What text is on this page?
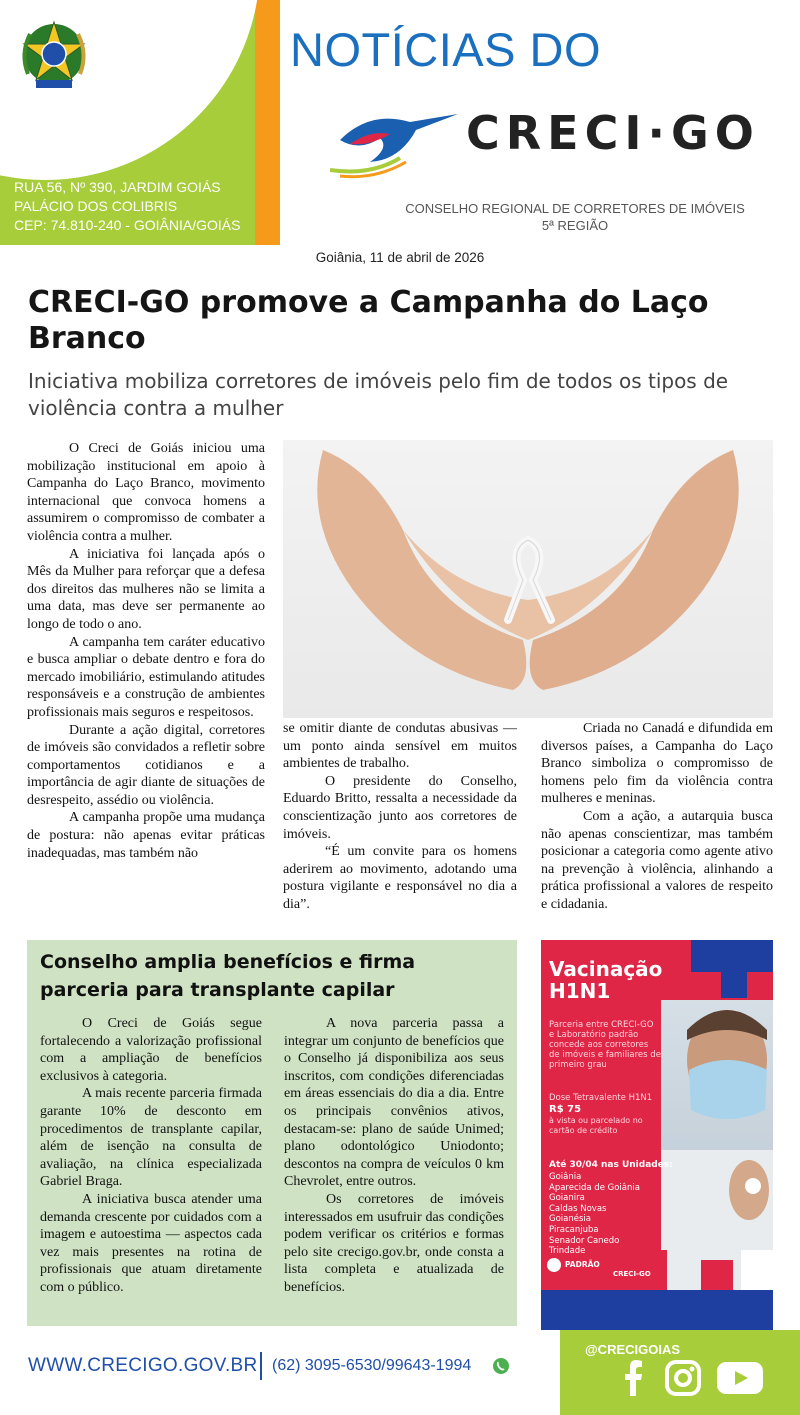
RUA 56, Nº 390, JARDIM GOIÁS
PALÁCIO DOS COLIBRIS
CEP: 74.810-240 - GOIÂNIA/GOIÁS
NOTÍCIAS DO
CRECI·GO
CONSELHO REGIONAL DE CORRETORES DE IMÓVEIS
5ª REGIÃO
Goiânia, 11 de abril de 2026
CRECI-GO promove a Campanha do Laço Branco
Iniciativa mobiliza corretores de imóveis pelo fim de todos os tipos de violência contra a mulher

O Creci de Goiás iniciou uma mobilização institucional em apoio à Campanha do Laço Branco, movimento internacional que convoca homens a assumirem o compromisso de combater a violência contra a mulher.

A iniciativa foi lançada após o Mês da Mulher para reforçar que a defesa dos direitos das mulheres não se limita a uma data, mas deve ser permanente ao longo de todo o ano.

A campanha tem caráter educativo e busca ampliar o debate dentro e fora do mercado imobiliário, estimulando atitudes responsáveis e a construção de ambientes profissionais mais seguros e respeitosos.

Durante a ação digital, corretores de imóveis são convidados a refletir sobre comportamentos cotidianos e a importância de agir diante de situações de desrespeito, assédio ou violência.

A campanha propõe uma mudança de postura: não apenas evitar práticas inadequadas, mas também não

se omitir diante de condutas abusivas — um ponto ainda sensível em muitos ambientes de trabalho.

O presidente do Conselho, Eduardo Britto, ressalta a necessidade da conscientização junto aos corretores de imóveis.

“É um convite para os homens aderirem ao movimento, adotando uma postura vigilante e responsável no dia a dia”.

Criada no Canadá e difundida em diversos países, a Campanha do Laço Branco simboliza o compromisso de homens pelo fim da violência contra mulheres e meninas.

Com a ação, a autarquia busca não apenas conscientizar, mas também posicionar a categoria como agente ativo na prevenção à violência, alinhando a prática profissional a valores de respeito e cidadania.

Conselho amplia benefícios e firma parceria para transplante capilar

O Creci de Goiás segue fortalecendo a valorização profissional com a ampliação de benefícios exclusivos à categoria.

A mais recente parceria firmada garante 10% de desconto em procedimentos de transplante capilar, além de isenção na consulta de avaliação, na clínica especializada Gabriel Braga.

A iniciativa busca atender uma demanda crescente por cuidados com a imagem e autoestima — aspectos cada vez mais presentes na rotina de profissionais que atuam diretamente com o público.

A nova parceria passa a integrar um conjunto de benefícios que o Conselho já disponibiliza aos seus inscritos, com condições diferenciadas em áreas essenciais do dia a dia. Entre os principais convênios ativos, destacam-se: plano de saúde Unimed; plano odontológico Uniodonto; descontos na compra de veículos 0 km Chevrolet, entre outros.

Os corretores de imóveis interessados em usufruir das condições podem verificar os critérios e formas pelo site crecigo.gov.br, onde consta a lista completa e atualizada de benefícios.

Vacinação
H1N1
Parceria entre CRECI-GO e Laboratório padrão concede aos corretores de imóveis e familiares de primeiro grau
Dose Tetravalente H1N1
R$ 75
à vista ou parcelado no cartão de crédito
Até 30/04 nas Unidades:
Goiânia
Aparecida de Goiânia
Goianira
Caldas Novas
Goianésia
Piracanjuba
Senador Canedo
Trindade
PADRÃO
CRECI-GO
WWW.CRECIGO.GOV.BR (62) 3095-6530/99643-1994
@CRECIGOIAS
